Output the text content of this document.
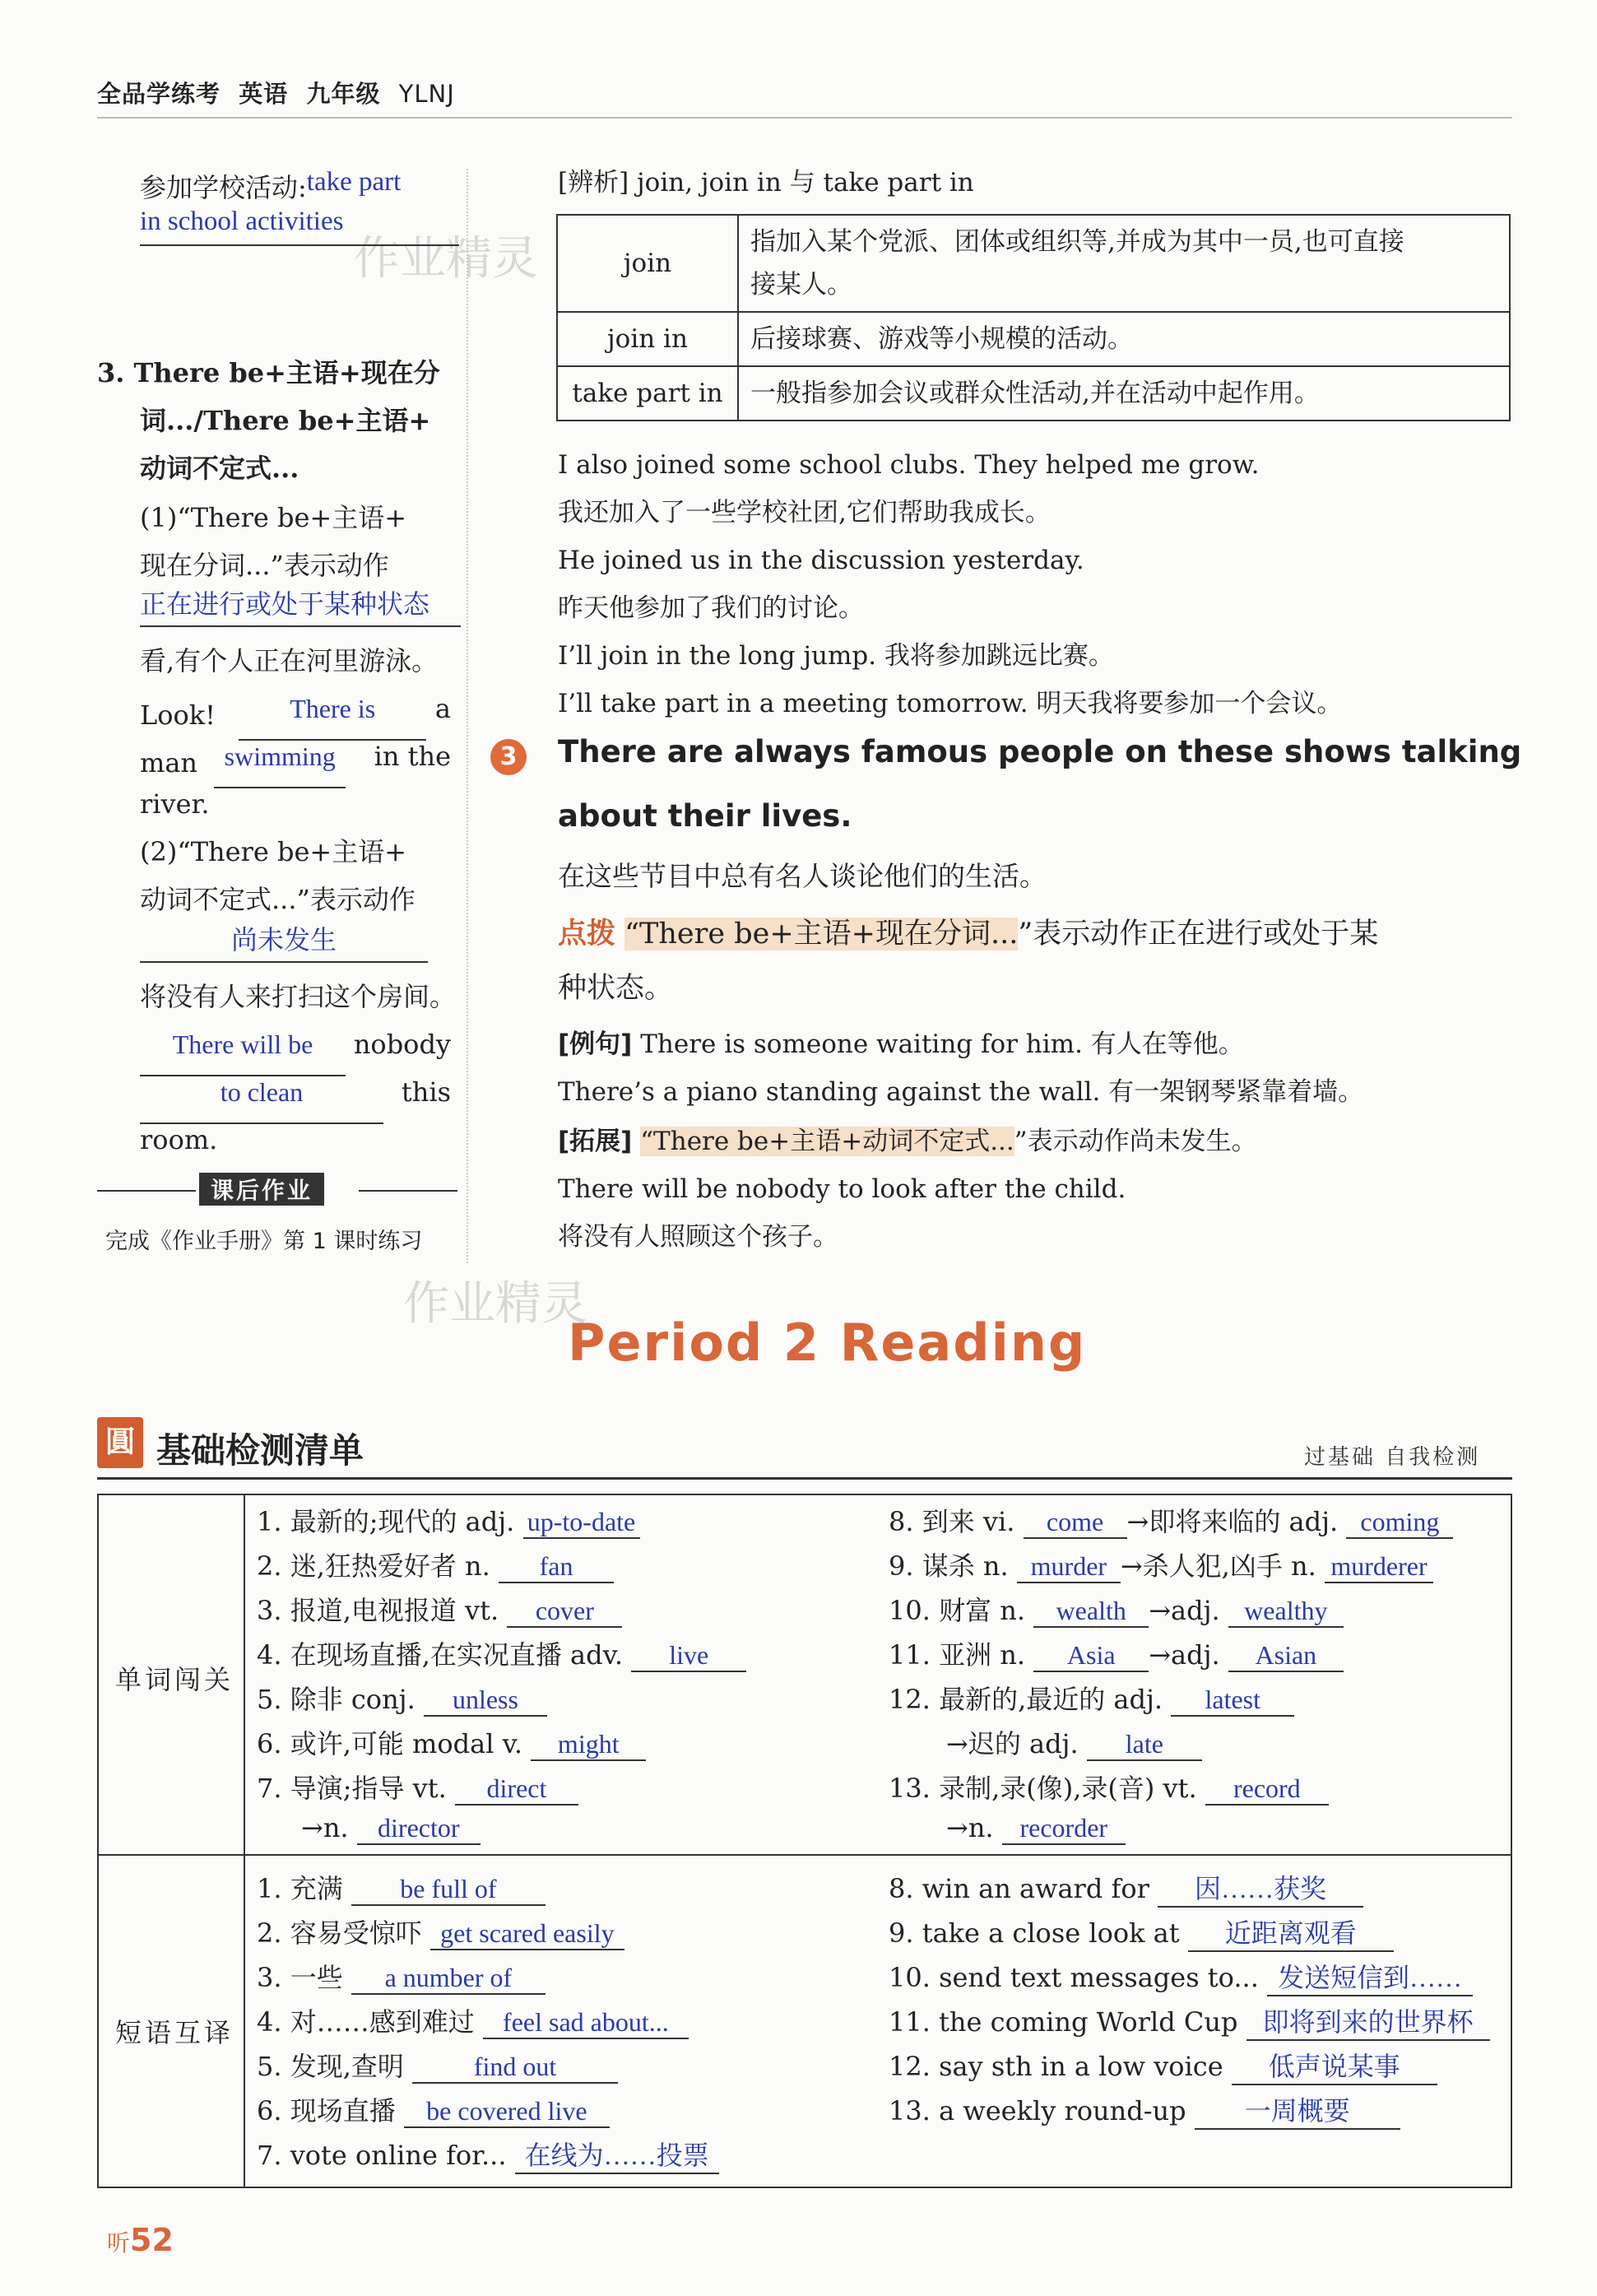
全品学练考 英语 九年级 YLNJ
作业精灵
作业精灵
参加学校活动:take part
in school activities
3. There be+主语+现在分
词.../There be+主语+
动词不定式...
(1)“There be+主语+
现在分词...”表示动作
正在进行或处于某种状态
看,有个人正在河里游泳。
Look!	There is a
man swimming in the
river.
(2)“There be+主语+
动词不定式...”表示动作
尚未发生
将没有人来打扫这个房间。
There will be nobody
to clean	this
room.
课后作业
完成《作业手册》第 1 课时练习
[辨析] join, join in 与 take part in
join	指加入某个党派、团体或组织等,并成为其中一员,也可直接
接某人。
join in	后接球赛、游戏等小规模的活动。
take part in	一般指参加会议或群众性活动,并在活动中起作用。
I also joined some school clubs. They helped me grow.
我还加入了一些学校社团,它们帮助我成长。
He joined us in the discussion yesterday.
昨天他参加了我们的讨论。
I’ll join in the long jump. 我将参加跳远比赛。
I’ll take part in a meeting tomorrow. 明天我将要参加一个会议。
3	There are always famous people on these shows talking
about their lives.
在这些节目中总有名人谈论他们的生活。
点拨 “There be+主语+现在分词...”表示动作正在进行或处于某
种状态。
[例句] There is someone waiting for him. 有人在等他。
There’s a piano standing against the wall. 有一架钢琴紧靠着墙。
[拓展] “There be+主语+动词不定式...”表示动作尚未发生。
There will be nobody to look after the child.
将没有人照顾这个孩子。
Period 2 Reading
圓 基础检测清单	过基础 自我检测
单词闯关
短语互译
1. 最新的;现代的 adj. up-to-date
2. 迷,狂热爱好者 n. fan
3. 报道,电视报道 vt. cover
4. 在现场直播,在实况直播 adv. live
5. 除非 conj. unless
6. 或许,可能 modal v. might
7. 导演;指导 vt. direct
→n. director
8. 到来 vi. come →即将来临的 adj. coming
9. 谋杀 n. murder →杀人犯,凶手 n. murderer
10. 财富 n. wealth →adj. wealthy
11. 亚洲 n. Asia →adj. Asian
12. 最新的,最近的 adj. latest
→迟的 adj. late
13. 录制,录(像),录(音) vt. record
→n. recorder
1. 充满 be full of
2. 容易受惊吓 get scared easily
3. 一些 a number of
4. 对……感到难过 feel sad about...
5. 发现,查明	find out
6. 现场直播 be covered live
7. vote online for... 在线为……投票
8. win an award for 因……获奖
9. take a close look at 近距离观看
10. send text messages to... 发送短信到……
11. the coming World Cup 即将到来的世界杯
12. say sth in a low voice 低声说某事
13. a weekly round-up 一周概要
听52
